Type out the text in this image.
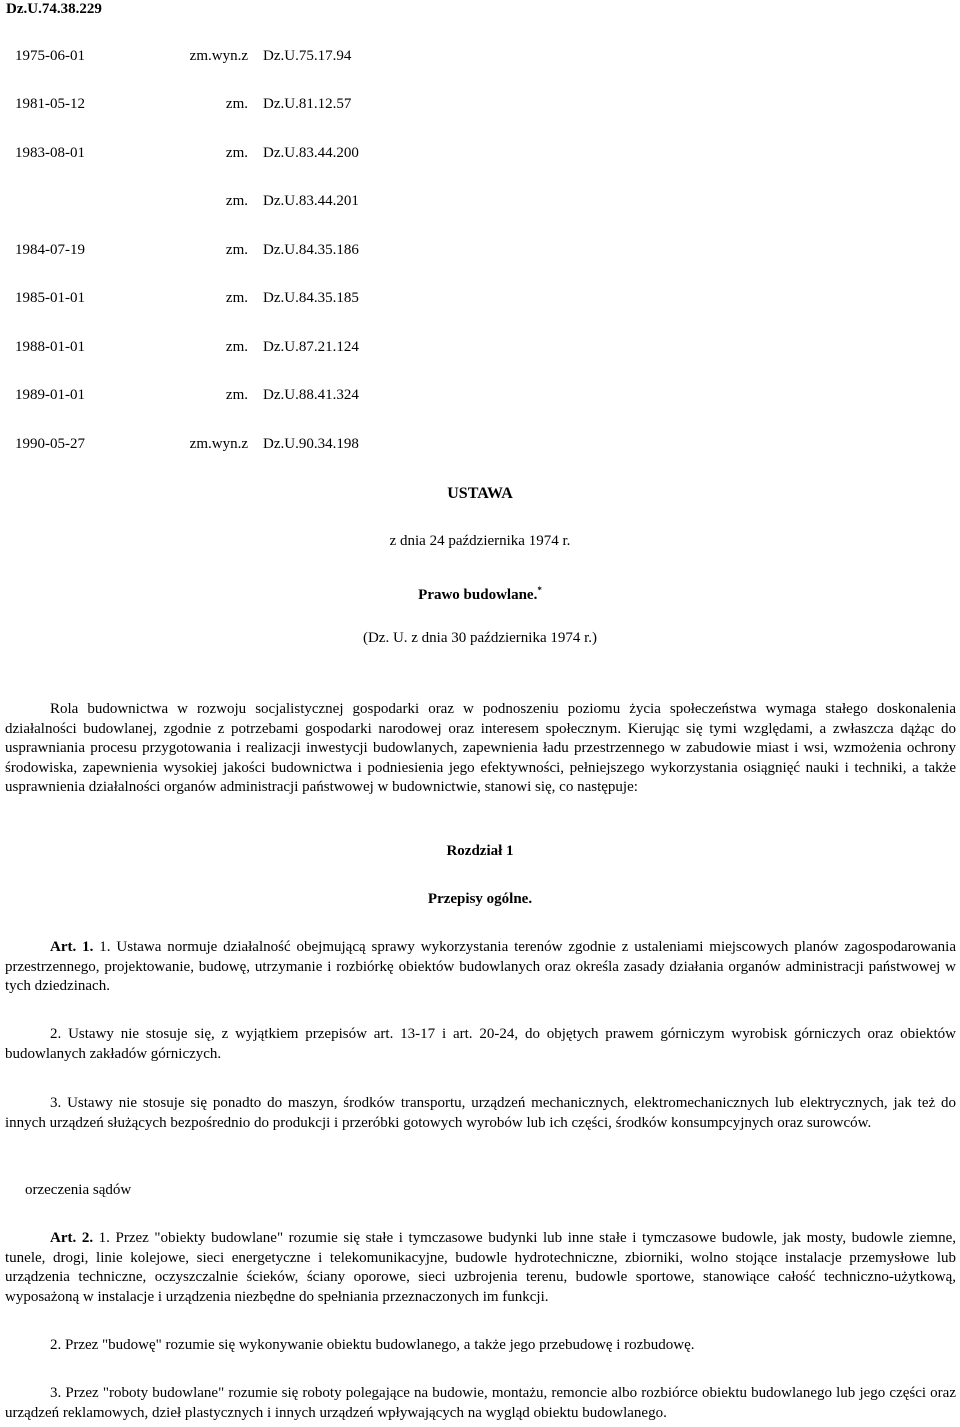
Dz.U.74.38.229
1975-06-01	zm.wyn.z Dz.U.75.17.94
1981-05-12	zm. Dz.U.81.12.57
1983-08-01	zm. Dz.U.83.44.200
zm. Dz.U.83.44.201
1984-07-19	zm. Dz.U.84.35.186
1985-01-01	zm. Dz.U.84.35.185
1988-01-01	zm. Dz.U.87.21.124
1989-01-01	zm. Dz.U.88.41.324
1990-05-27	zm.wyn.z Dz.U.90.34.198
USTAWA
z dnia 24 października 1974 r.
Prawo budowlane.*
(Dz. U. z dnia 30 października 1974 r.)
Rola budownictwa w rozwoju socjalistycznej gospodarki oraz w podnoszeniu poziomu życia społeczeństwa wymaga stałego doskonalenia działalności budowlanej, zgodnie z potrzebami gospodarki narodowej oraz interesem społecznym. Kierując się tymi względami, a zwłaszcza dążąc do usprawniania procesu przygotowania i realizacji inwestycji budowlanych, zapewnienia ładu przestrzennego w zabudowie miast i wsi, wzmożenia ochrony środowiska, zapewnienia wysokiej jakości budownictwa i podniesienia jego efektywności, pełniejszego wykorzystania osiągnięć nauki i techniki, a także usprawnienia działalności organów administracji państwowej w budownictwie, stanowi się, co następuje:
Rozdział 1
Przepisy ogólne.
Art. 1. 1. Ustawa normuje działalność obejmującą sprawy wykorzystania terenów zgodnie z ustaleniami miejscowych planów zagospodarowania przestrzennego, projektowanie, budowę, utrzymanie i rozbiórkę obiektów budowlanych oraz określa zasady działania organów administracji państwowej w tych dziedzinach.
2. Ustawy nie stosuje się, z wyjątkiem przepisów art. 13-17 i art. 20-24, do objętych prawem górniczym wyrobisk górniczych oraz obiektów budowlanych zakładów górniczych.
3. Ustawy nie stosuje się ponadto do maszyn, środków transportu, urządzeń mechanicznych, elektromechanicznych lub elektrycznych, jak też do innych urządzeń służących bezpośrednio do produkcji i przeróbki gotowych wyrobów lub ich części, środków konsumpcyjnych oraz surowców.
orzeczenia sądów
Art. 2. 1. Przez "obiekty budowlane" rozumie się stałe i tymczasowe budynki lub inne stałe i tymczasowe budowle, jak mosty, budowle ziemne, tunele, drogi, linie kolejowe, sieci energetyczne i telekomunikacyjne, budowle hydrotechniczne, zbiorniki, wolno stojące instalacje przemysłowe lub urządzenia techniczne, oczyszczalnie ścieków, ściany oporowe, sieci uzbrojenia terenu, budowle sportowe, stanowiące całość techniczno-użytkową, wyposażoną w instalacje i urządzenia niezbędne do spełniania przeznaczonych im funkcji.
2. Przez "budowę" rozumie się wykonywanie obiektu budowlanego, a także jego przebudowę i rozbudowę.
3. Przez "roboty budowlane" rozumie się roboty polegające na budowie, montażu, remoncie albo rozbiórce obiektu budowlanego lub jego części oraz urządzeń reklamowych, dzieł plastycznych i innych urządzeń wpływających na wygląd obiektu budowlanego.
